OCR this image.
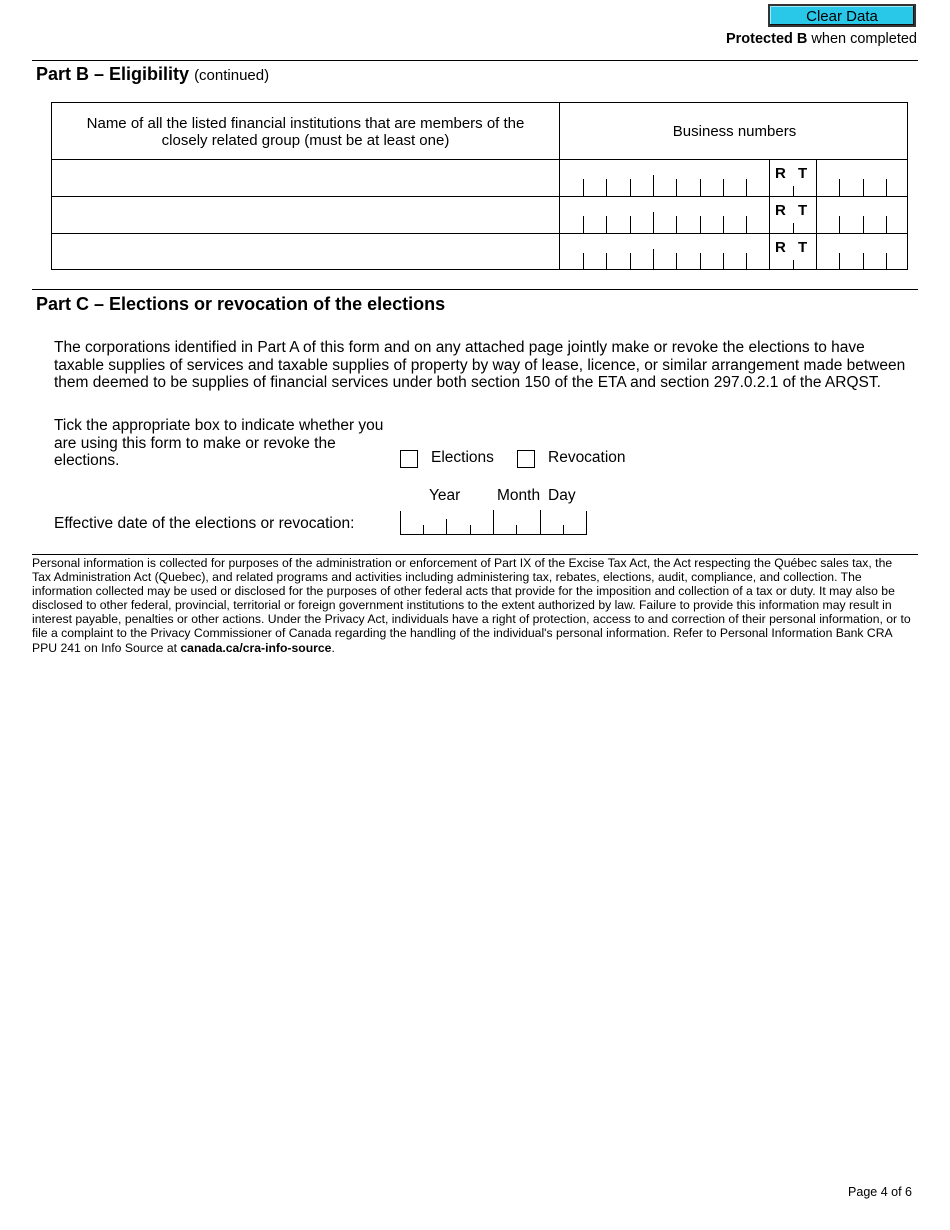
Clear Data
Protected B when completed
Part B – Eligibility (continued)
Name of all the listed financial institutions that are members of the closely related group (must be at least one)	Business numbers
R T
R T
R T
Part C – Elections or revocation of the elections
The corporations identified in Part A of this form and on any attached page jointly make or revoke the elections to have taxable supplies of services and taxable supplies of property by way of lease, licence, or similar arrangement made between them deemed to be supplies of financial services under both section 150 of the ETA and section 297.0.2.1 of the ARQST.
Tick the appropriate box to indicate whether you are using this form to make or revoke the elections.	Elections	Revocation
Year Month Day
Effective date of the elections or revocation:
Personal information is collected for purposes of the administration or enforcement of Part IX of the Excise Tax Act, the Act respecting the Québec sales tax, the Tax Administration Act (Quebec), and related programs and activities including administering tax, rebates, elections, audit, compliance, and collection. The information collected may be used or disclosed for the purposes of other federal acts that provide for the imposition and collection of a tax or duty. It may also be disclosed to other federal, provincial, territorial or foreign government institutions to the extent authorized by law. Failure to provide this information may result in interest payable, penalties or other actions. Under the Privacy Act, individuals have a right of protection, access to and correction of their personal information, or to file a complaint to the Privacy Commissioner of Canada regarding the handling of the individual's personal information. Refer to Personal Information Bank CRA PPU 241 on Info Source at canada.ca/cra-info-source.
Page 4 of 6
